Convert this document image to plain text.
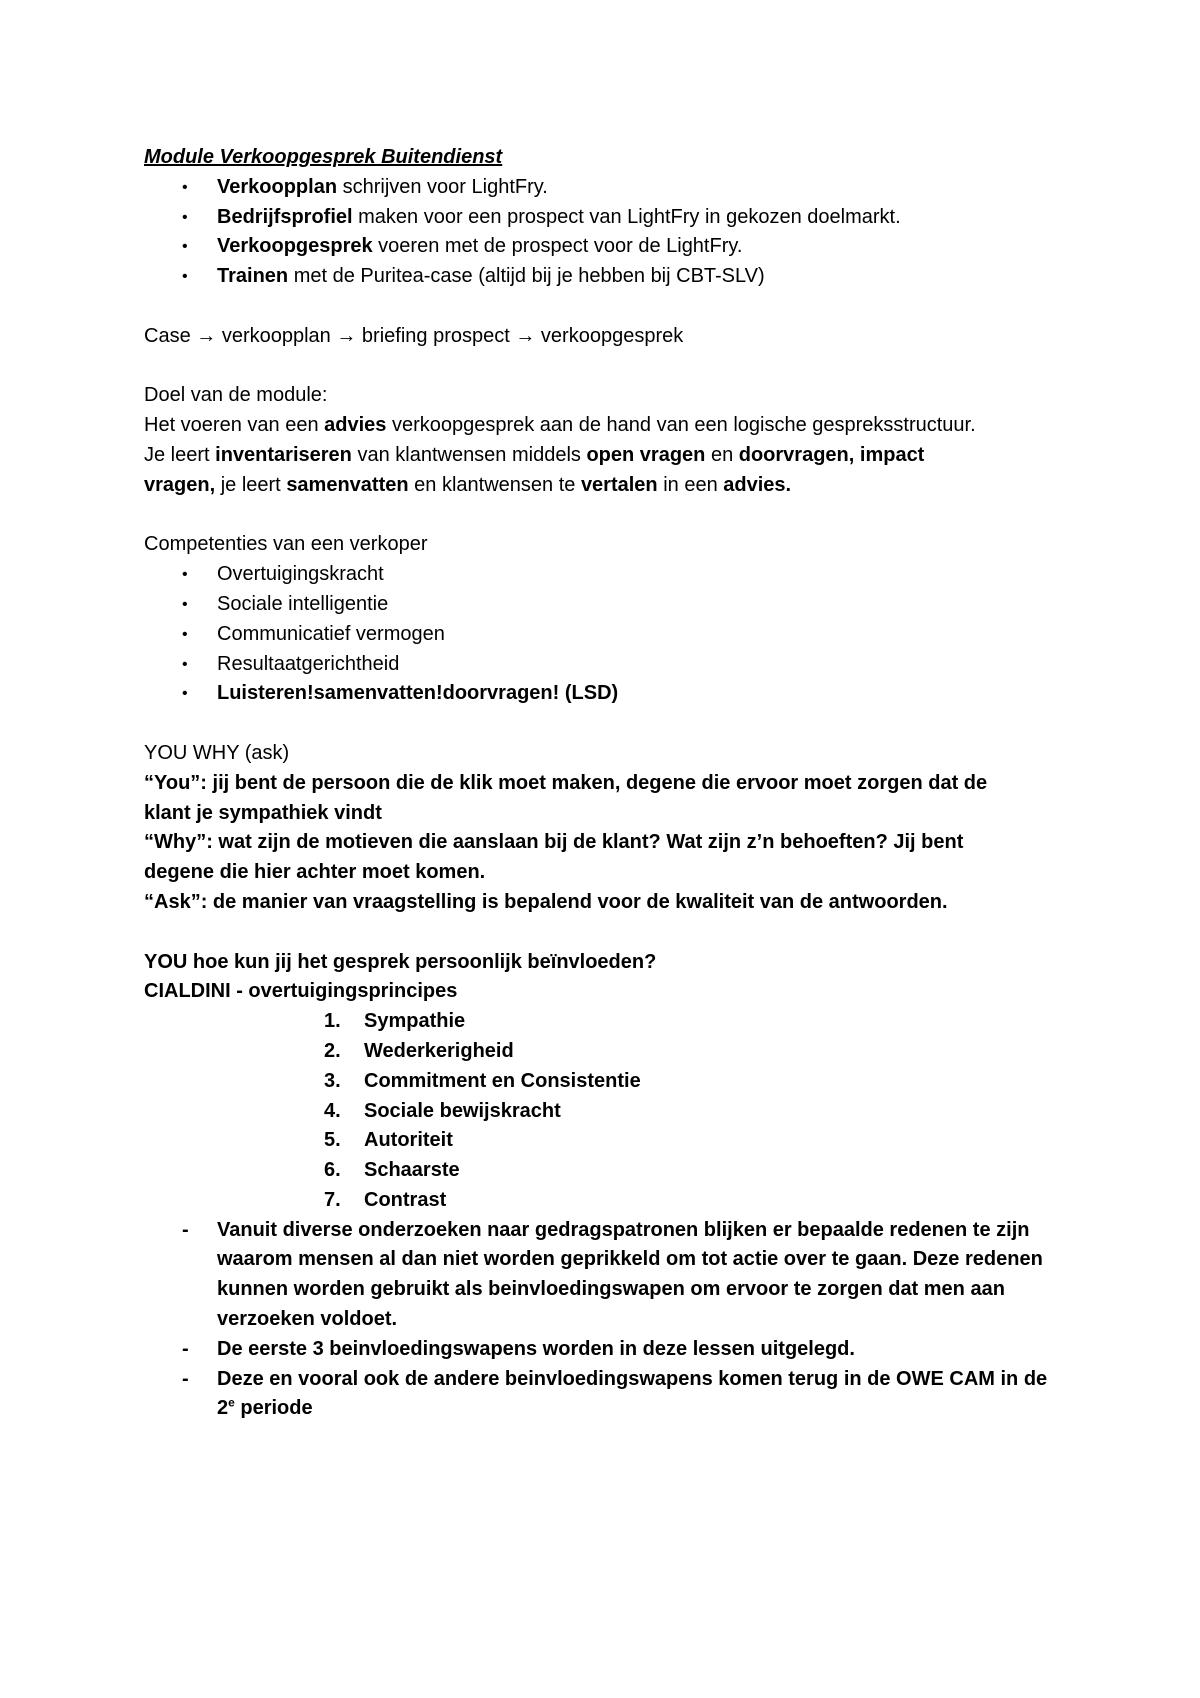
Module Verkoopgesprek Buitendienst
• Verkoopplan schrijven voor LightFry.
• Bedrijfsprofiel maken voor een prospect van LightFry in gekozen doelmarkt.
• Verkoopgesprek voeren met de prospect voor de LightFry.
• Trainen met de Puritea-case (altijd bij je hebben bij CBT-SLV)
Case → verkoopplan → briefing prospect → verkoopgesprek
Doel van de module:
Het voeren van een advies verkoopgesprek aan de hand van een logische gespreksstructuur.
Je leert inventariseren van klantwensen middels open vragen en doorvragen, impact
vragen, je leert samenvatten en klantwensen te vertalen in een advies.
Competenties van een verkoper
• Overtuigingskracht
• Sociale intelligentie
• Communicatief vermogen
• Resultaatgerichtheid
• Luisteren!samenvatten!doorvragen! (LSD)
YOU WHY (ask)
“You”: jij bent de persoon die de klik moet maken, degene die ervoor moet zorgen dat de
klant je sympathiek vindt
“Why”: wat zijn de motieven die aanslaan bij de klant? Wat zijn z’n behoeften? Jij bent
degene die hier achter moet komen.
“Ask”: de manier van vraagstelling is bepalend voor de kwaliteit van de antwoorden.
YOU hoe kun jij het gesprek persoonlijk beïnvloeden?
CIALDINI - overtuigingsprincipes
1. Sympathie
2. Wederkerigheid
3. Commitment en Consistentie
4. Sociale bewijskracht
5. Autoriteit
6. Schaarste
7. Contrast
- Vanuit diverse onderzoeken naar gedragspatronen blijken er bepaalde redenen te zijn waarom mensen al dan niet worden geprikkeld om tot actie over te gaan. Deze redenen kunnen worden gebruikt als beinvloedingswapen om ervoor te zorgen dat men aan verzoeken voldoet.
- De eerste 3 beinvloedingswapens worden in deze lessen uitgelegd.
- Deze en vooral ook de andere beinvloedingswapens komen terug in de OWE CAM in de 2e periode
